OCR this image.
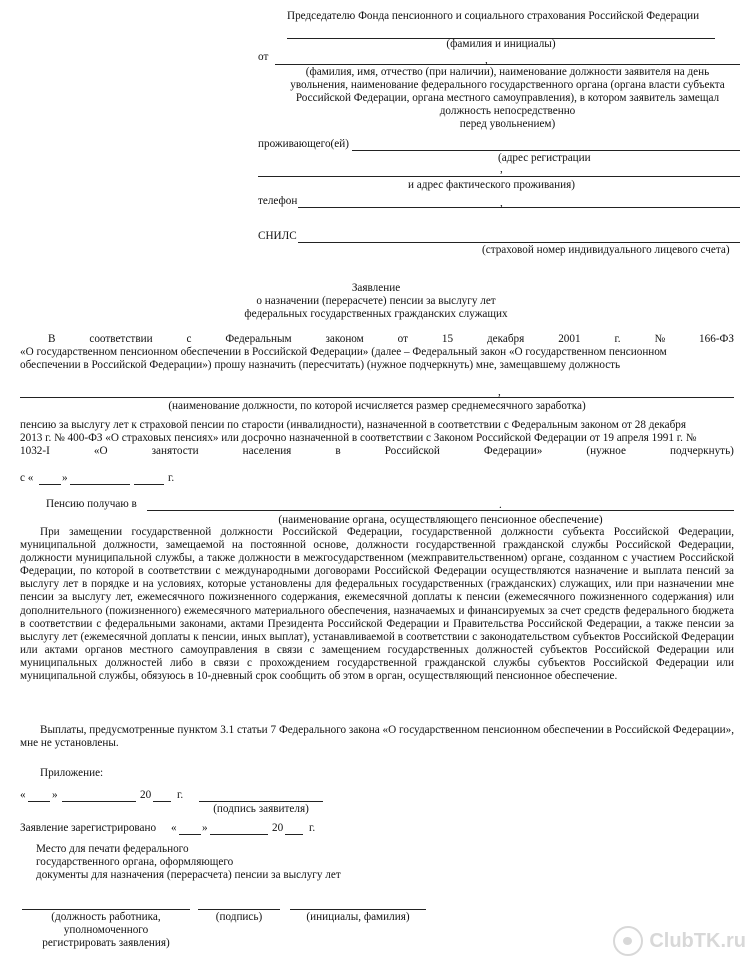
Председателю Фонда пенсионного и социального страхования Российской Федерации
(фамилия и инициалы)
от	,
(фамилия, имя, отчество (при наличии), наименование должности заявителя на день
увольнения, наименование федерального государственного органа (органа власти субъекта
Российской Федерации, органа местного самоуправления), в котором заявитель замещал
должность непосредственно
перед увольнением)
проживающего(ей)
(адрес регистрации
,
и адрес фактического проживания)
телефон	,
СНИЛС
(страховой номер индивидуального лицевого счета)
Заявление
о назначении (перерасчете) пенсии за выслугу лет
федеральных государственных гражданских служащих
В	соответствии	с	Федеральным	законом	от	15	декабря	2001	г.	№	166-ФЗ
«О государственном пенсионном обеспечении в Российской Федерации» (далее – Федеральный закон «О государственном пенсионном
обеспечении в Российской Федерации») прошу назначить (пересчитать) (нужное подчеркнуть) мне, замещавшему должность
,
(наименование должности, по которой исчисляется размер среднемесячного заработка)
пенсию за выслугу лет к страховой пенсии по старости (инвалидности), назначенной в соответствии с Федеральным законом от 28 декабря
2013 г. № 400-ФЗ «О страховых пенсиях» или досрочно назначенной в соответствии с Законом Российской Федерации от 19 апреля 1991 г. №
1032-I	«О	занятости	населения	в	Российской	Федерации»	(нужное	подчеркнуть)
с «	»	г.
Пенсию получаю в	.
(наименование органа, осуществляющего пенсионное обеспечение)
При замещении государственной должности Российской Федерации, государственной должности субъекта Российской Федерации, муниципальной должности, замещаемой на постоянной основе, должности государственной гражданской службы Российской Федерации, должности муниципальной службы, а также должности в межгосударственном (межправительственном) органе, созданном с участием Российской Федерации, по которой в соответствии с международными договорами Российской Федерации осуществляются назначение и выплата пенсий за выслугу лет в порядке и на условиях, которые установлены для федеральных государственных (гражданских) служащих, или при назначении мне пенсии за выслугу лет, ежемесячного пожизненного содержания, ежемесячной доплаты к пенсии (ежемесячного пожизненного содержания) или дополнительного (пожизненного) ежемесячного материального обеспечения, назначаемых и финансируемых за счет средств федерального бюджета в соответствии с федеральными законами, актами Президента Российской Федерации и Правительства Российской Федерации, а также пенсии за выслугу лет (ежемесячной доплаты к пенсии, иных выплат), устанавливаемой в соответствии с законодательством субъектов Российской Федерации или актами органов местного самоуправления в связи с замещением государственных должностей субъектов Российской Федерации или муниципальных должностей либо в связи с прохождением государственной гражданской службы субъектов Российской Федерации или муниципальной службы, обязуюсь в 10-дневный срок сообщить об этом в орган, осуществляющий пенсионное обеспечение.
Выплаты, предусмотренные пунктом 3.1 статьи 7 Федерального закона «О государственном пенсионном обеспечении в Российской Федерации», мне не установлены.
Приложение:
« »	20 г.
(подпись заявителя)
Заявление зарегистрировано « »	20 г.
Место для печати федерального
государственного органа, оформляющего
документы для назначения (перерасчета) пенсии за выслугу лет
(должность работника,
уполномоченного
регистрировать заявления)
(подпись)	(инициалы, фамилия)
ClubTK.ru
